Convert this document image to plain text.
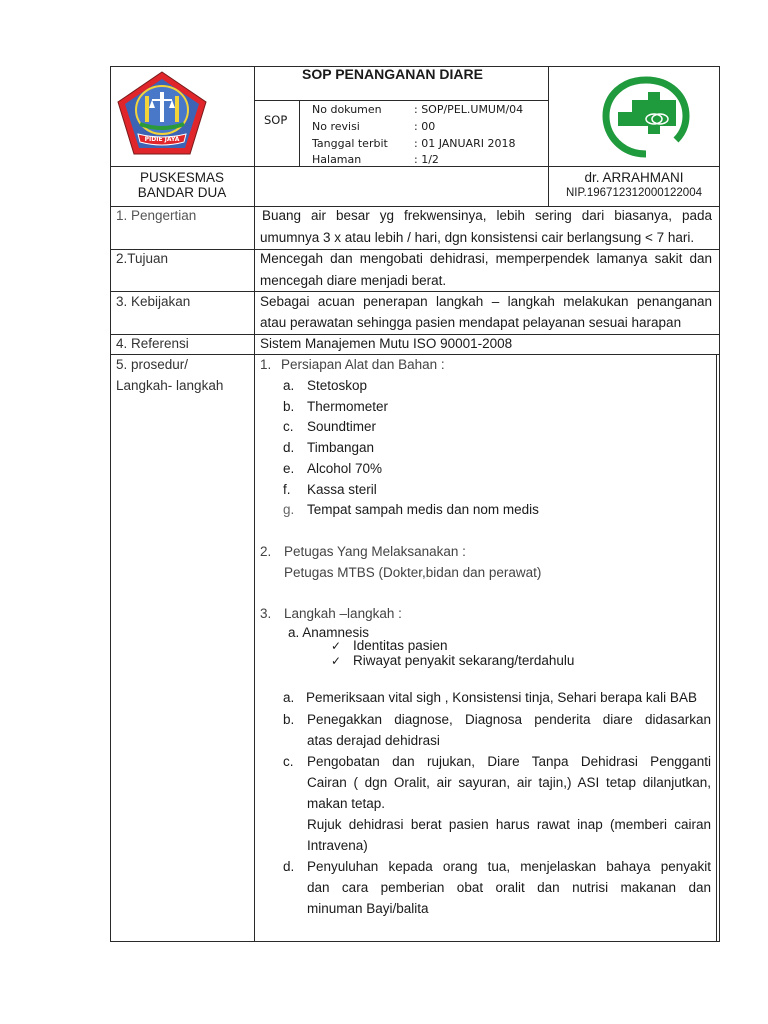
PIDIE JAYA
SOP PENANGANAN DIARE
SOP
No dokumen	: SOP/PEL.UMUM/04
No revisi	: 00
Tanggal terbit : 01 JANUARI 2018
Halaman	: 1/2
PUSKESMAS
BANDAR DUA
dr. ARRAHMANI
NIP.196712312000122004
1. Pengertian	Buang air besar yg frekwensinya, lebih sering dari biasanya, pada
umumnya 3 x atau lebih / hari, dgn konsistensi cair berlangsung < 7 hari.
2.Tujuan	Mencegah dan mengobati dehidrasi, memperpendek lamanya sakit dan
mencegah diare menjadi berat.
3. Kebijakan	Sebagai acuan penerapan langkah – langkah melakukan penanganan
atau perawatan sehingga pasien mendapat pelayanan sesuai harapan
4. Referensi	Sistem Manajemen Mutu ISO 90001-2008
5. prosedur/
Langkah- langkah
1. Persiapan Alat dan Bahan :
a. Stetoskop
b. Thermometer
c. Soundtimer
d. Timbangan
e. Alcohol 70%
f. Kassa steril
g. Tempat sampah medis dan nom medis
2. Petugas Yang Melaksanakan :
Petugas MTBS (Dokter,bidan dan perawat)
3. Langkah –langkah :
a. Anamnesis
✓ Identitas pasien
✓ Riwayat penyakit sekarang/terdahulu
a. Pemeriksaan vital sigh , Konsistensi tinja, Sehari berapa kali BAB
b. Penegakkan diagnose, Diagnosa penderita diare didasarkan
atas derajad dehidrasi
c. Pengobatan dan rujukan, Diare Tanpa Dehidrasi Pengganti
Cairan ( dgn Oralit, air sayuran, air tajin,) ASI tetap dilanjutkan,
makan tetap.
Rujuk dehidrasi berat pasien harus rawat inap (memberi cairan
Intravena)
d. Penyuluhan kepada orang tua, menjelaskan bahaya penyakit
dan cara pemberian obat oralit dan nutrisi makanan dan
minuman Bayi/balita
